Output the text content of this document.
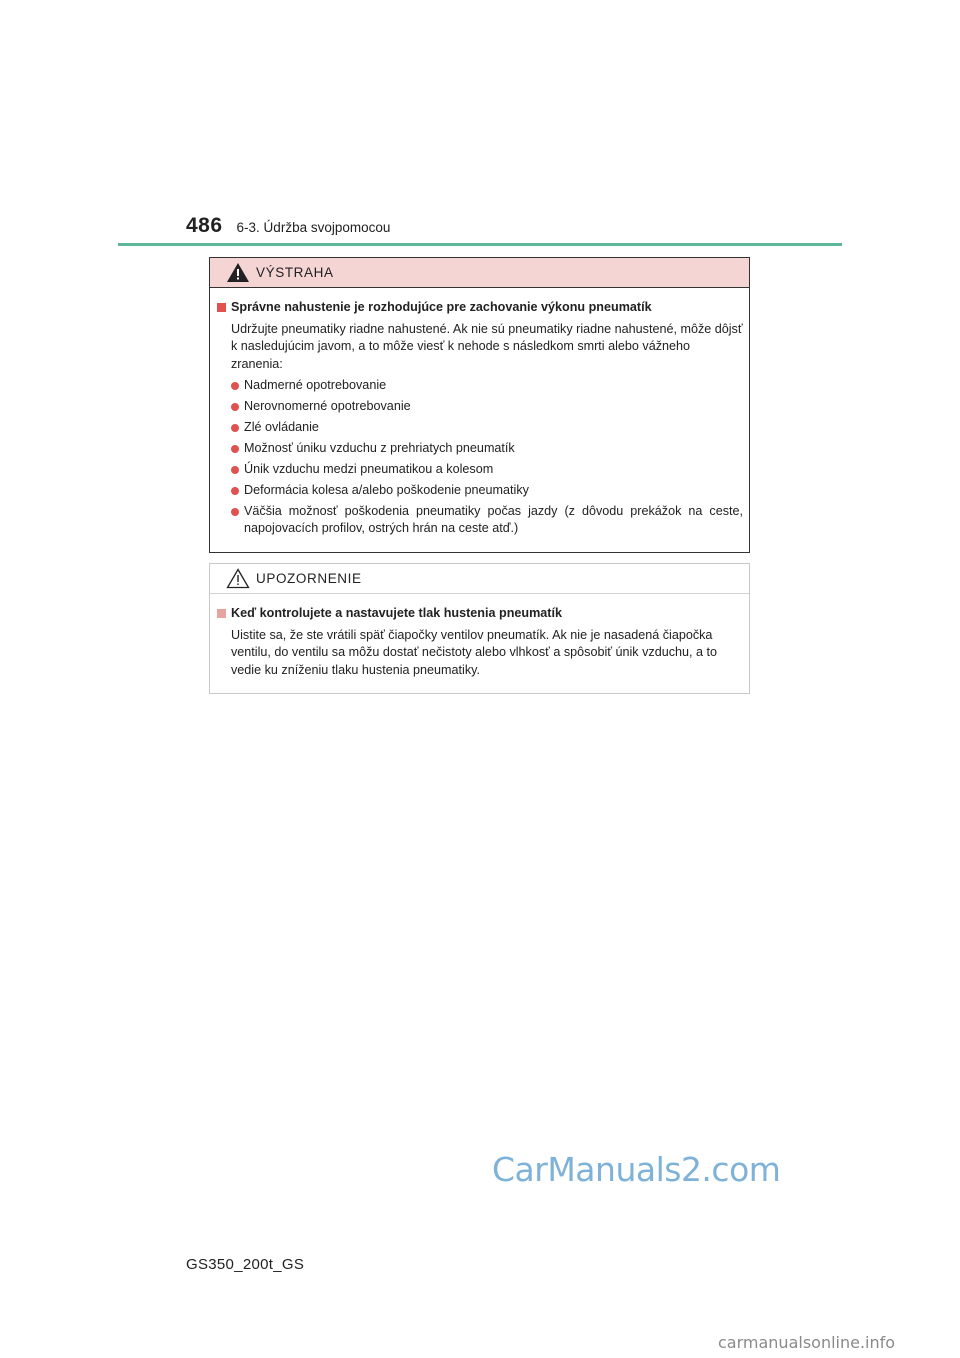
486 6-3. Údržba svojpomocou
VÝSTRAHA
Správne nahustenie je rozhodujúce pre zachovanie výkonu pneumatík
Udržujte pneumatiky riadne nahustené. Ak nie sú pneumatiky riadne nahustené, môže dôjsť k nasledujúcim javom, a to môže viesť k nehode s následkom smrti alebo vážneho zranenia:
Nadmerné opotrebovanie
Nerovnomerné opotrebovanie
Zlé ovládanie
Možnosť úniku vzduchu z prehriatych pneumatík
Únik vzduchu medzi pneumatikou a kolesom
Deformácia kolesa a/alebo poškodenie pneumatiky
Väčšia možnosť poškodenia pneumatiky počas jazdy (z dôvodu prekážok na ceste, napojovacích profilov, ostrých hrán na ceste atď.)
UPOZORNENIE
Keď kontrolujete a nastavujete tlak hustenia pneumatík
Uistite sa, že ste vrátili späť čiapočky ventilov pneumatík. Ak nie je nasadená čiapočka ventilu, do ventilu sa môžu dostať nečistoty alebo vlhkosť a spôsobiť únik vzduchu, a to vedie ku zníženiu tlaku hustenia pneumatiky.
CarManuals2.com
GS350_200t_GS
carmanualsonline.info
